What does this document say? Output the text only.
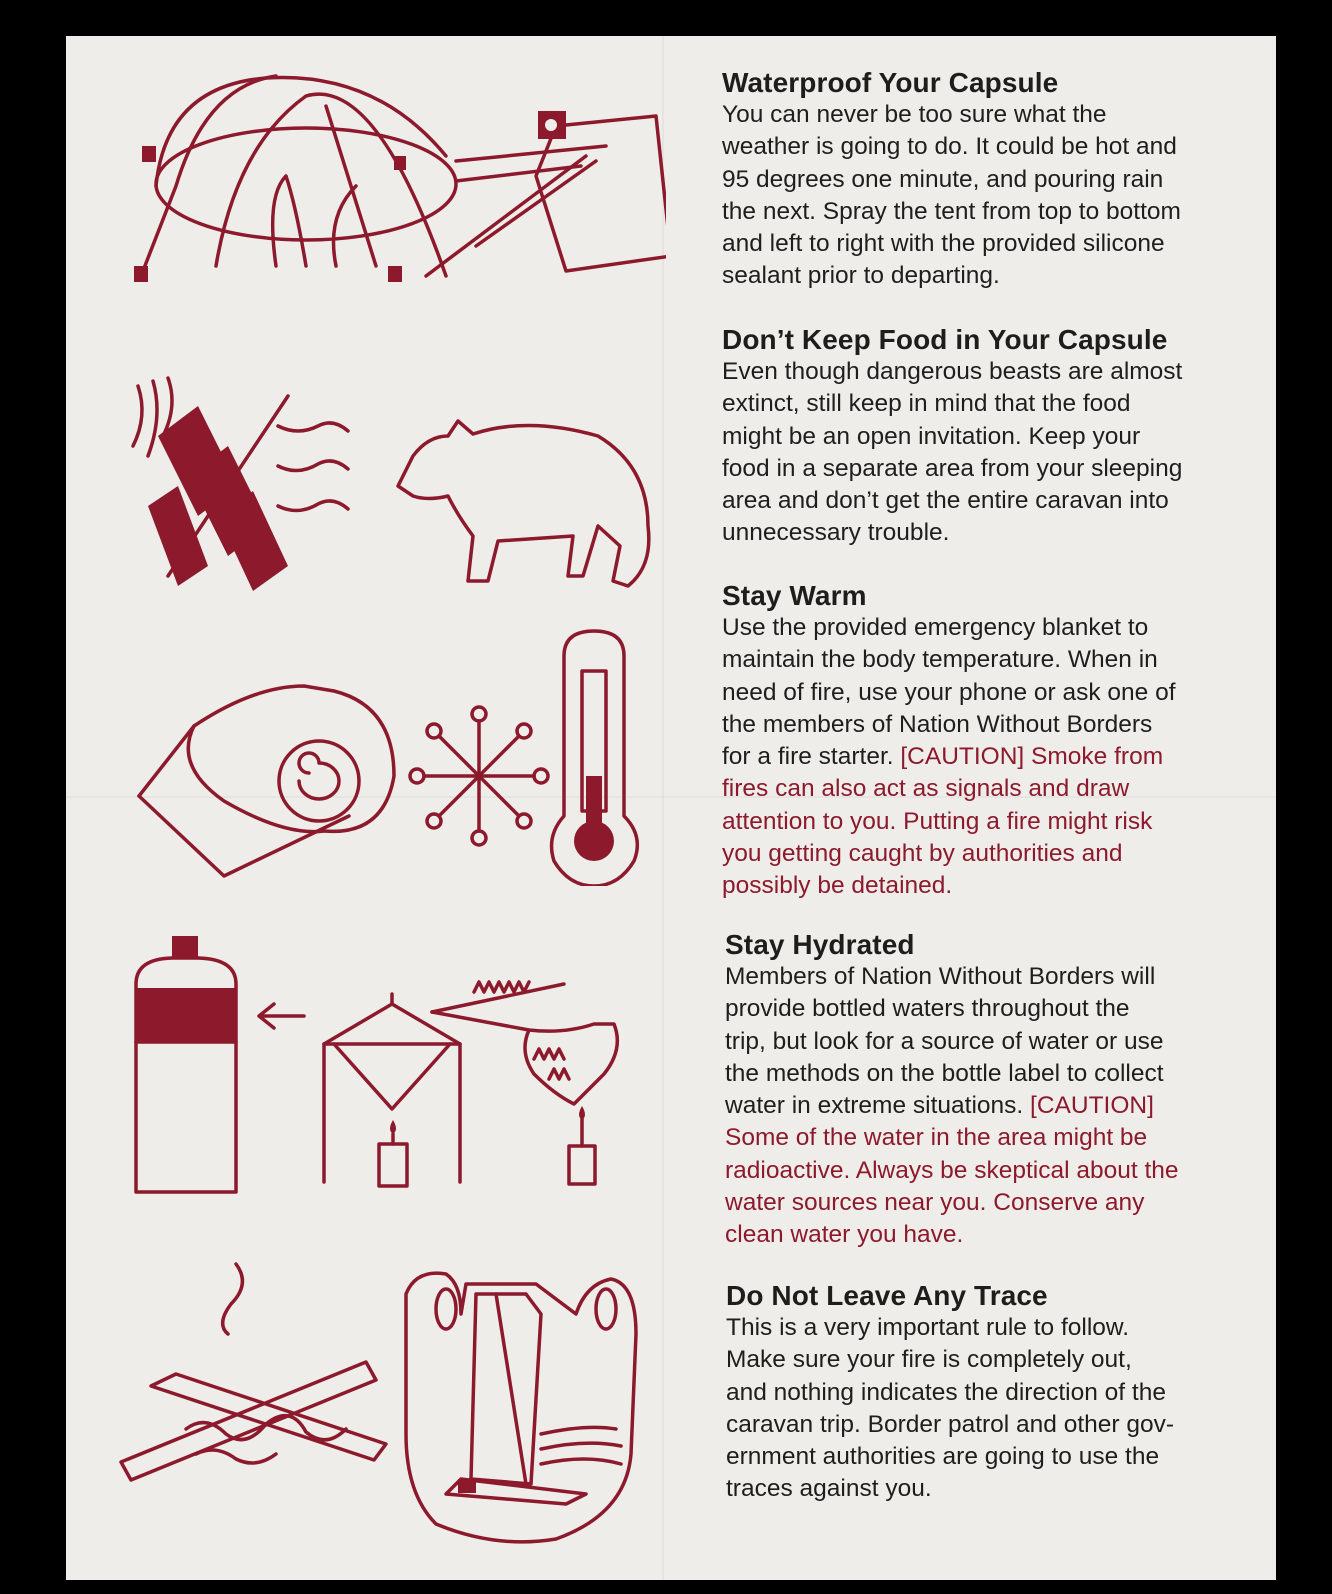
Waterproof Your Capsule

You can never be too sure what the
weather is going to do. It could be hot and
95 degrees one minute, and pouring rain
the next. Spray the tent from top to bottom
and left to right with the provided silicone
sealant prior to departing.

Don’t Keep Food in Your Capsule

Even though dangerous beasts are almost
extinct, still keep in mind that the food
might be an open invitation. Keep your
food in a separate area from your sleeping
area and don’t get the entire caravan into
unnecessary trouble.

Stay Warm

Use the provided emergency blanket to
maintain the body temperature. When in
need of fire, use your phone or ask one of
the members of Nation Without Borders
for a fire starter. [CAUTION] Smoke from
fires can also act as signals and draw
attention to you. Putting a fire might risk
you getting caught by authorities and
possibly be detained.

Stay Hydrated

Members of Nation Without Borders will
provide bottled waters throughout the
trip, but look for a source of water or use
the methods on the bottle label to collect
water in extreme situations. [CAUTION]
Some of the water in the area might be
radioactive. Always be skeptical about the
water sources near you. Conserve any
clean water you have.

Do Not Leave Any Trace

This is a very important rule to follow.
Make sure your fire is completely out,
and nothing indicates the direction of the
caravan trip. Border patrol and other gov-
ernment authorities are going to use the
traces against you.
